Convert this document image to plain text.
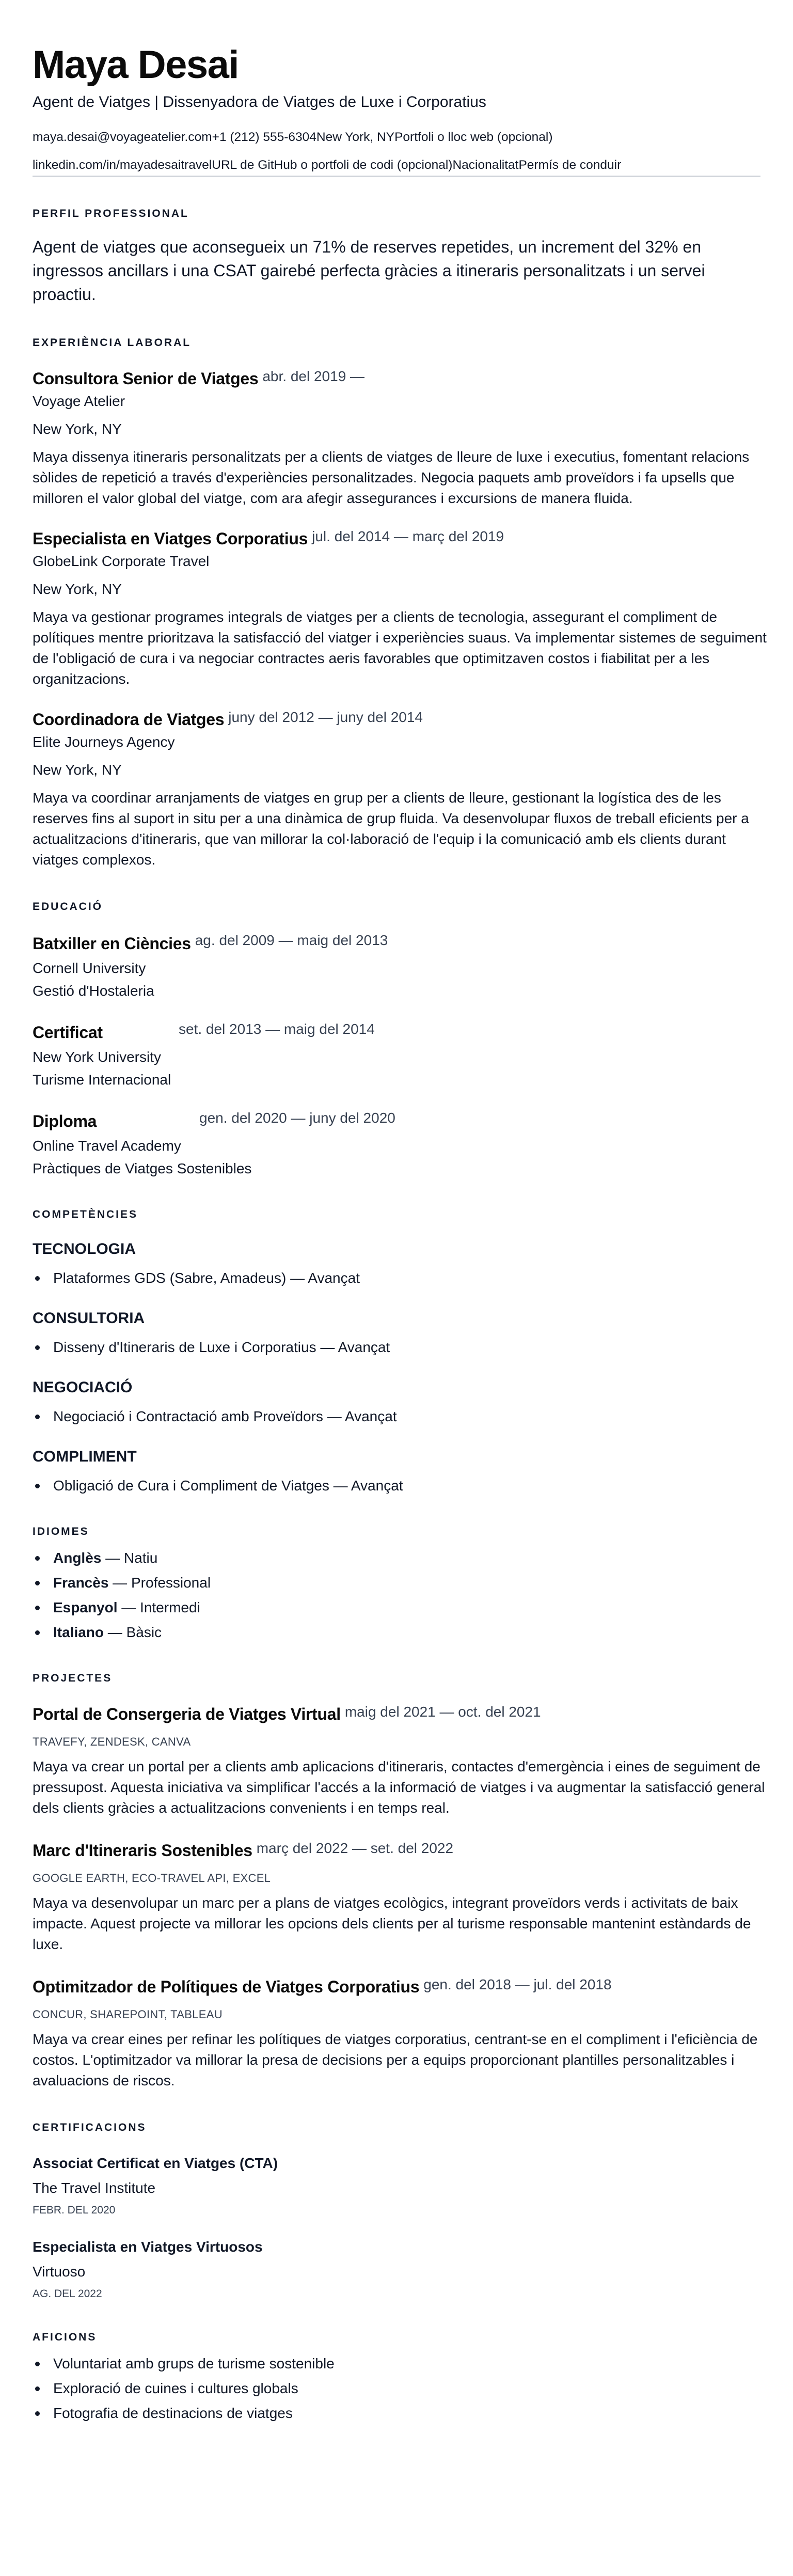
Maya Desai
Agent de Viatges | Dissenyadora de Viatges de Luxe i Corporatius
maya.desai@voyageatelier.com+1 (212) 555-6304New York, NYPortfoli o lloc web (opcional)
linkedin.com/in/mayadesaitravelURL de GitHub o portfoli de codi (opcional)NacionalitatPermís de conduir
PERFIL PROFESSIONAL

Agent de viatges que aconsegueix un 71% de reserves repetides, un increment del 32% en ingressos ancillars i una CSAT gairebé perfecta gràcies a itineraris personalitzats i un servei proactiu.

EXPERIÈNCIA LABORAL
Consultora Senior de Viatges abr. del 2019 —
Voyage Atelier
New York, NY

Maya dissenya itineraris personalitzats per a clients de viatges de lleure de luxe i executius, fomentant relacions sòlides de repetició a través d'experiències personalitzades. Negocia paquets amb proveïdors i fa upsells que milloren el valor global del viatge, com ara afegir assegurances i excursions de manera fluida.

Especialista en Viatges Corporatius jul. del 2014 — març del 2019
GlobeLink Corporate Travel
New York, NY

Maya va gestionar programes integrals de viatges per a clients de tecnologia, assegurant el compliment de polítiques mentre prioritzava la satisfacció del viatger i experiències suaus. Va implementar sistemes de seguiment de l'obligació de cura i va negociar contractes aeris favorables que optimitzaven costos i fiabilitat per a les organitzacions.

Coordinadora de Viatges juny del 2012 — juny del 2014
Elite Journeys Agency
New York, NY

Maya va coordinar arranjaments de viatges en grup per a clients de lleure, gestionant la logística des de les reserves fins al suport in situ per a una dinàmica de grup fluida. Va desenvolupar fluxos de treball eficients per a actualitzacions d'itineraris, que van millorar la col·laboració de l'equip i la comunicació amb els clients durant viatges complexos.

EDUCACIÓ
Batxiller en Ciències ag. del 2009 — maig del 2013
Cornell University
Gestió d'Hostaleria
Certificat	set. del 2013 — maig del 2014
New York University
Turisme Internacional
Diploma	gen. del 2020 — juny del 2020
Online Travel Academy
Pràctiques de Viatges Sostenibles
COMPETÈNCIES
TECNOLOGIA
Plataformes GDS (Sabre, Amadeus) — Avançat
CONSULTORIA
Disseny d'Itineraris de Luxe i Corporatius — Avançat
NEGOCIACIÓ
Negociació i Contractació amb Proveïdors — Avançat
COMPLIMENT
Obligació de Cura i Compliment de Viatges — Avançat
IDIOMES
Anglès — Natiu
Francès — Professional
Espanyol — Intermedi
Italiano — Bàsic
PROJECTES
Portal de Consergeria de Viatges Virtual maig del 2021 — oct. del 2021
TRAVEFY, ZENDESK, CANVA

Maya va crear un portal per a clients amb aplicacions d'itineraris, contactes d'emergència i eines de seguiment de pressupost. Aquesta iniciativa va simplificar l'accés a la informació de viatges i va augmentar la satisfacció general dels clients gràcies a actualitzacions convenients i en temps real.

Marc d'Itineraris Sostenibles març del 2022 — set. del 2022
GOOGLE EARTH, ECO-TRAVEL API, EXCEL

Maya va desenvolupar un marc per a plans de viatges ecològics, integrant proveïdors verds i activitats de baix impacte. Aquest projecte va millorar les opcions dels clients per al turisme responsable mantenint estàndards de luxe.

Optimitzador de Polítiques de Viatges Corporatius gen. del 2018 — jul. del 2018
CONCUR, SHAREPOINT, TABLEAU

Maya va crear eines per refinar les polítiques de viatges corporatius, centrant-se en el compliment i l'eficiència de costos. L'optimitzador va millorar la presa de decisions per a equips proporcionant plantilles personalitzables i avaluacions de riscos.

CERTIFICACIONS
Associat Certificat en Viatges (CTA)
The Travel Institute
FEBR. DEL 2020
Especialista en Viatges Virtuosos
Virtuoso
AG. DEL 2022
AFICIONS
Voluntariat amb grups de turisme sostenible
Exploració de cuines i cultures globals
Fotografia de destinacions de viatges
